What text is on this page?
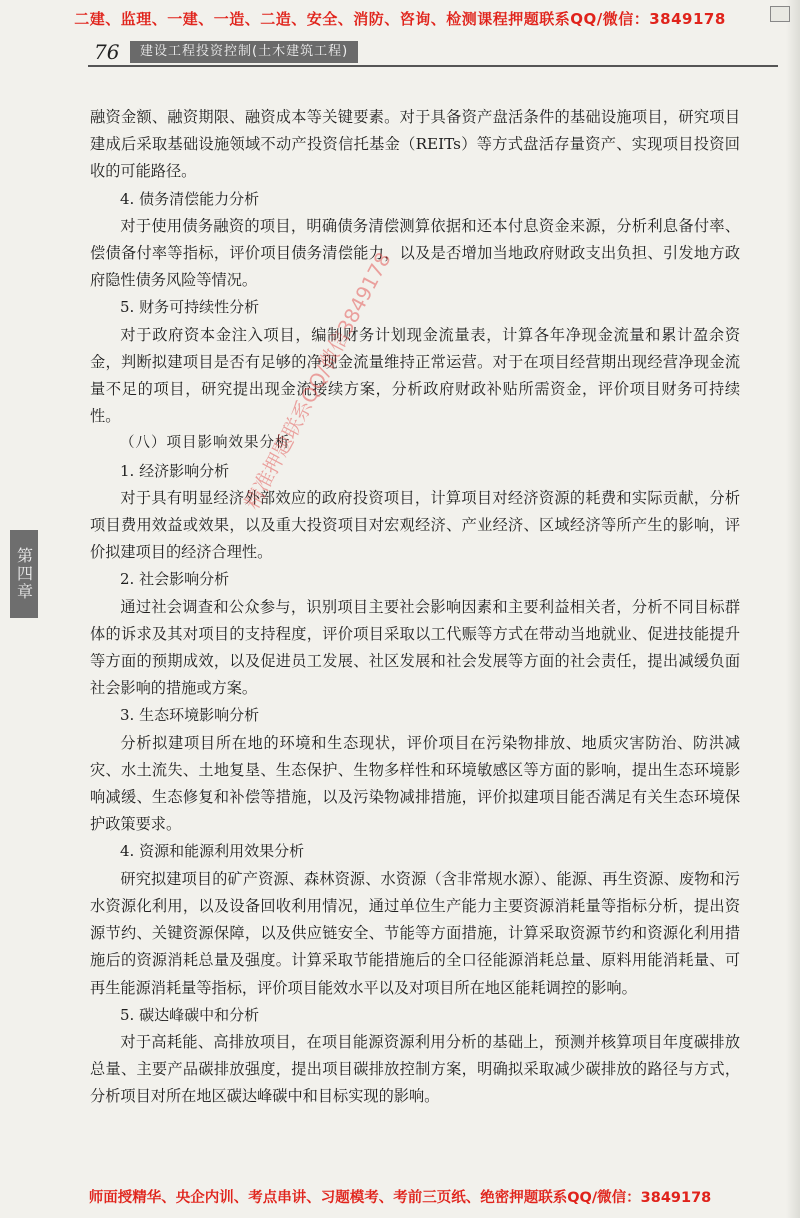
二建、监理、一建、一造、二造、安全、消防、咨询、检测课程押题联系QQ/微信：3849178
76	建设工程投资控制(土木建筑工程)
第四章

融资金额、融资期限、融资成本等关键要素。对于具备资产盘活条件的基础设施项目，研究项目建成后采取基础设施领域不动产投资信托基金（REITs）等方式盘活存量资产、实现项目投资回收的可能路径。

4. 债务清偿能力分析

对于使用债务融资的项目，明确债务清偿测算依据和还本付息资金来源，分析利息备付率、偿债备付率等指标，评价项目债务清偿能力，以及是否增加当地政府财政支出负担、引发地方政府隐性债务风险等情况。

5. 财务可持续性分析

对于政府资本金注入项目，编制财务计划现金流量表，计算各年净现金流量和累计盈余资金，判断拟建项目是否有足够的净现金流量维持正常运营。对于在项目经营期出现经营净现金流量不足的项目，研究提出现金流接续方案，分析政府财政补贴所需资金，评价项目财务可持续性。

（八）项目影响效果分析
1. 经济影响分析

对于具有明显经济外部效应的政府投资项目，计算项目对经济资源的耗费和实际贡献，分析项目费用效益或效果，以及重大投资项目对宏观经济、产业经济、区域经济等所产生的影响，评价拟建项目的经济合理性。

2. 社会影响分析

通过社会调查和公众参与，识别项目主要社会影响因素和主要利益相关者，分析不同目标群体的诉求及其对项目的支持程度，评价项目采取以工代赈等方式在带动当地就业、促进技能提升等方面的预期成效，以及促进员工发展、社区发展和社会发展等方面的社会责任，提出减缓负面社会影响的措施或方案。

3. 生态环境影响分析

分析拟建项目所在地的环境和生态现状，评价项目在污染物排放、地质灾害防治、防洪减灾、水土流失、土地复垦、生态保护、生物多样性和环境敏感区等方面的影响，提出生态环境影响减缓、生态修复和补偿等措施，以及污染物减排措施，评价拟建项目能否满足有关生态环境保护政策要求。

4. 资源和能源利用效果分析

研究拟建项目的矿产资源、森林资源、水资源（含非常规水源）、能源、再生资源、废物和污水资源化利用，以及设备回收利用情况，通过单位生产能力主要资源消耗量等指标分析，提出资源节约、关键资源保障，以及供应链安全、节能等方面措施，计算采取资源节约和资源化利用措施后的资源消耗总量及强度。计算采取节能措施后的全口径能源消耗总量、原料用能消耗量、可再生能源消耗量等指标，评价项目能效水平以及对项目所在地区能耗调控的影响。

5. 碳达峰碳中和分析

对于高耗能、高排放项目，在项目能源资源利用分析的基础上，预测并核算项目年度碳排放总量、主要产品碳排放强度，提出项目碳排放控制方案，明确拟采取减少碳排放的路径与方式，分析项目对所在地区碳达峰碳中和目标实现的影响。

精准押题联系QQ/微信3849178
师面授精华、央企内训、考点串讲、习题模考、考前三页纸、绝密押题联系QQ/微信：3849178
